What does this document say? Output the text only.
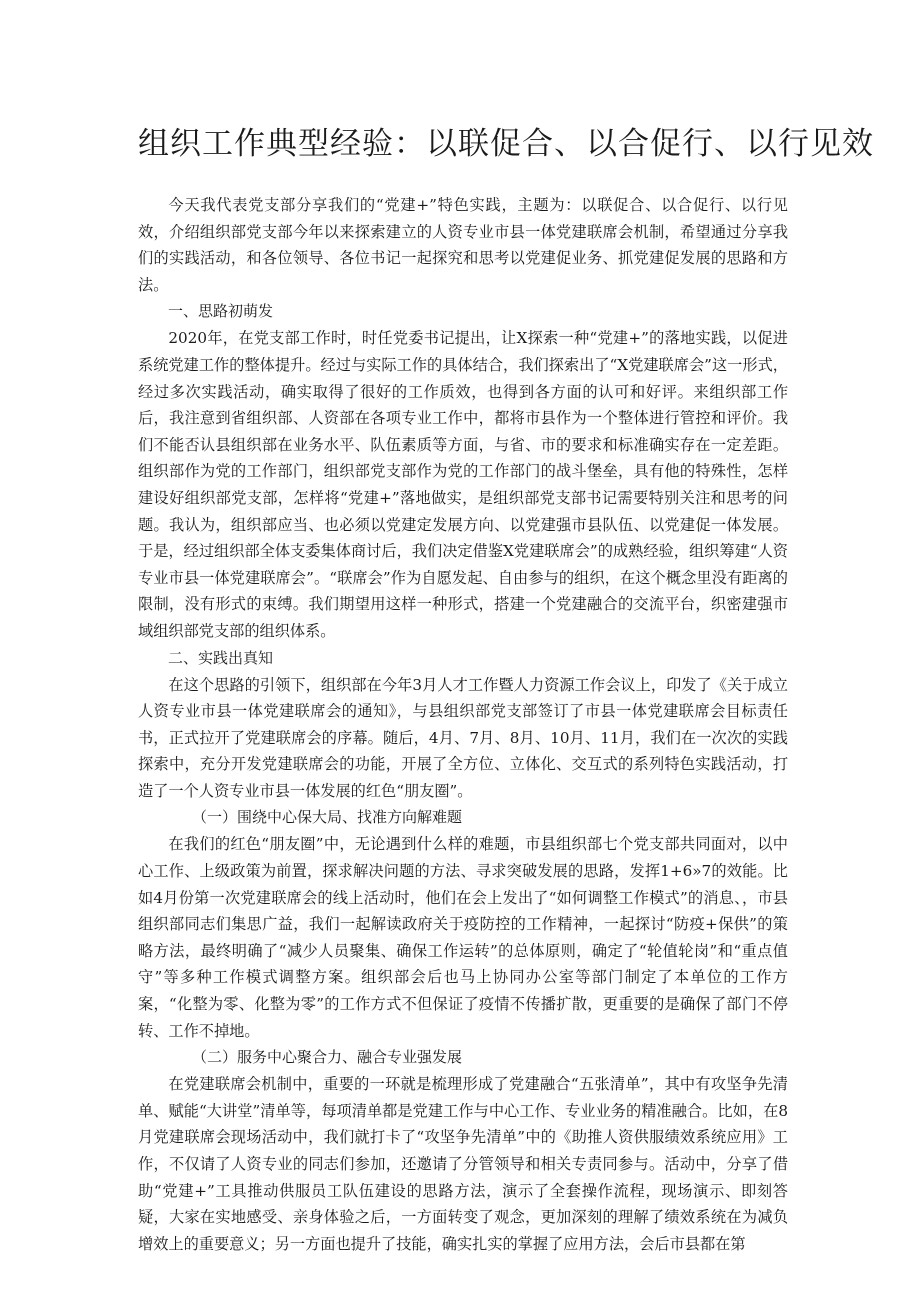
组织工作典型经验：以联促合、以合促行、以行见效

今天我代表党支部分享我们的“党建+”特色实践，主题为：以联促合、以合促行、以行见效，介绍组织部党支部今年以来探索建立的人资专业市县一体党建联席会机制，希望通过分享我们的实践活动，和各位领导、各位书记一起探究和思考以党建促业务、抓党建促发展的思路和方法。

一、思路初萌发

2020年，在党支部工作时，时任党委书记提出，让X探索一种“党建+”的落地实践，以促进系统党建工作的整体提升。经过与实际工作的具体结合，我们探索出了“X党建联席会”这一形式，经过多次实践活动，确实取得了很好的工作质效，也得到各方面的认可和好评。来组织部工作后，我注意到省组织部、人资部在各项专业工作中，都将市县作为一个整体进行管控和评价。我们不能否认县组织部在业务水平、队伍素质等方面，与省、市的要求和标准确实存在一定差距。组织部作为党的工作部门，组织部党支部作为党的工作部门的战斗堡垒，具有他的特殊性，怎样建设好组织部党支部，怎样将“党建+”落地做实，是组织部党支部书记需要特别关注和思考的问题。我认为，组织部应当、也必须以党建定发展方向、以党建强市县队伍、以党建促一体发展。于是，经过组织部全体支委集体商讨后，我们决定借鉴X党建联席会”的成熟经验，组织筹建“人资专业市县一体党建联席会”。“联席会”作为自愿发起、自由参与的组织，在这个概念里没有距离的限制，没有形式的束缚。我们期望用这样一种形式，搭建一个党建融合的交流平台，织密建强市域组织部党支部的组织体系。

二、实践出真知

在这个思路的引领下，组织部在今年3月人才工作暨人力资源工作会议上，印发了《关于成立人资专业市县一体党建联席会的通知》，与县组织部党支部签订了市县一体党建联席会目标责任书，正式拉开了党建联席会的序幕。随后，4月、7月、8月、10月、11月，我们在一次次的实践探索中，充分开发党建联席会的功能，开展了全方位、立体化、交互式的系列特色实践活动，打造了一个人资专业市县一体发展的红色“朋友圈”。

（一）围绕中心保大局、找准方向解难题

在我们的红色“朋友圈”中，无论遇到什么样的难题，市县组织部七个党支部共同面对，以中心工作、上级政策为前置，探求解决问题的方法、寻求突破发展的思路，发挥1+6»7的效能。比如4月份第一次党建联席会的线上活动时，他们在会上发出了“如何调整工作模式”的消息、，市县组织部同志们集思广益，我们一起解读政府关于疫防控的工作精神，一起探讨“防疫+保供”的策略方法，最终明确了“减少人员聚集、确保工作运转”的总体原则，确定了“轮值轮岗”和“重点值守”等多种工作模式调整方案。组织部会后也马上协同办公室等部门制定了本单位的工作方案，“化整为零、化整为零”的工作方式不但保证了疫情不传播扩散，更重要的是确保了部门不停转、工作不掉地。

（二）服务中心聚合力、融合专业强发展

在党建联席会机制中，重要的一环就是梳理形成了党建融合“五张清单”，其中有攻坚争先清单、赋能“大讲堂”清单等，每项清单都是党建工作与中心工作、专业业务的精准融合。比如，在8月党建联席会现场活动中，我们就打卡了“攻坚争先清单”中的《助推人资供服绩效系统应用》工作，不仅请了人资专业的同志们参加，还邀请了分管领导和相关专责同参与。活动中，分享了借助“党建+”工具推动供服员工队伍建设的思路方法，演示了全套操作流程，现场演示、即刻答疑，大家在实地感受、亲身体验之后，一方面转变了观念，更加深刻的理解了绩效系统在为减负增效上的重要意义；另一方面也提升了技能，确实扎实的掌握了应用方法，会后市县都在第
